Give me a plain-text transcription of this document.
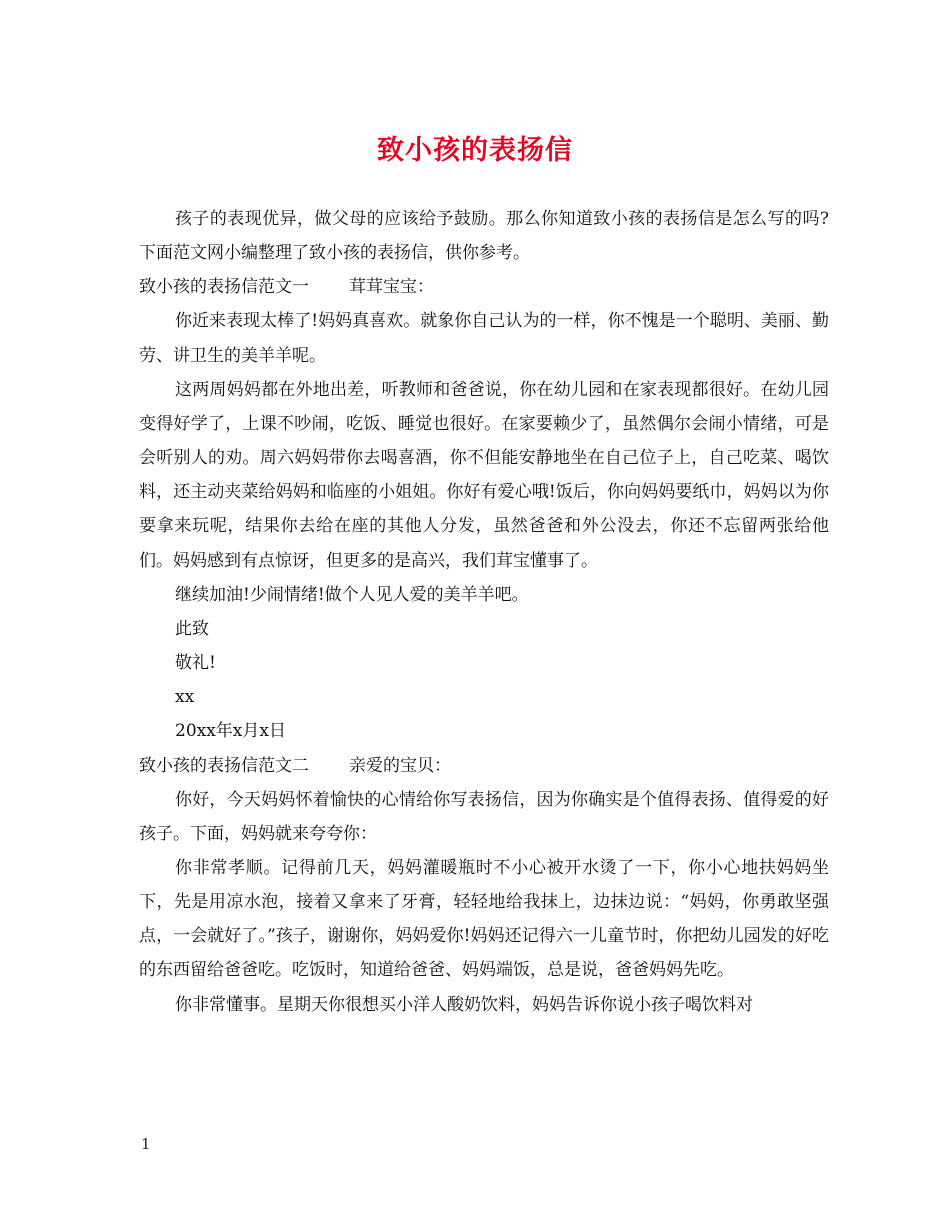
致小孩的表扬信

孩子的表现优异，做父母的应该给予鼓励。那么你知道致小孩的表扬信是怎么写的吗?下面范文网小编整理了致小孩的表扬信，供你参考。

致小孩的表扬信范文一 茸茸宝宝：

你近来表现太棒了!妈妈真喜欢。就象你自己认为的一样，你不愧是一个聪明、美丽、勤劳、讲卫生的美羊羊呢。

这两周妈妈都在外地出差，听教师和爸爸说，你在幼儿园和在家表现都很好。在幼儿园变得好学了，上课不吵闹，吃饭、睡觉也很好。在家要赖少了，虽然偶尔会闹小情绪，可是会听别人的劝。周六妈妈带你去喝喜酒，你不但能安静地坐在自己位子上，自己吃菜、喝饮料，还主动夹菜给妈妈和临座的小姐姐。你好有爱心哦!饭后，你向妈妈要纸巾，妈妈以为你要拿来玩呢，结果你去给在座的其他人分发，虽然爸爸和外公没去，你还不忘留两张给他们。妈妈感到有点惊讶，但更多的是高兴，我们茸宝懂事了。

继续加油!少闹情绪!做个人见人爱的美羊羊吧。

此致

敬礼!

xx

20xx年x月x日

致小孩的表扬信范文二 亲爱的宝贝：

你好，今天妈妈怀着愉快的心情给你写表扬信，因为你确实是个值得表扬、值得爱的好孩子。下面，妈妈就来夸夸你：

你非常孝顺。记得前几天，妈妈灌暖瓶时不小心被开水烫了一下，你小心地扶妈妈坐下，先是用凉水泡，接着又拿来了牙膏，轻轻地给我抹上，边抹边说：“妈妈，你勇敢坚强点，一会就好了。”孩子，谢谢你，妈妈爱你!妈妈还记得六一儿童节时，你把幼儿园发的好吃的东西留给爸爸吃。吃饭时，知道给爸爸、妈妈端饭，总是说，爸爸妈妈先吃。

你非常懂事。星期天你很想买小洋人酸奶饮料，妈妈告诉你说小孩子喝饮料对

1
